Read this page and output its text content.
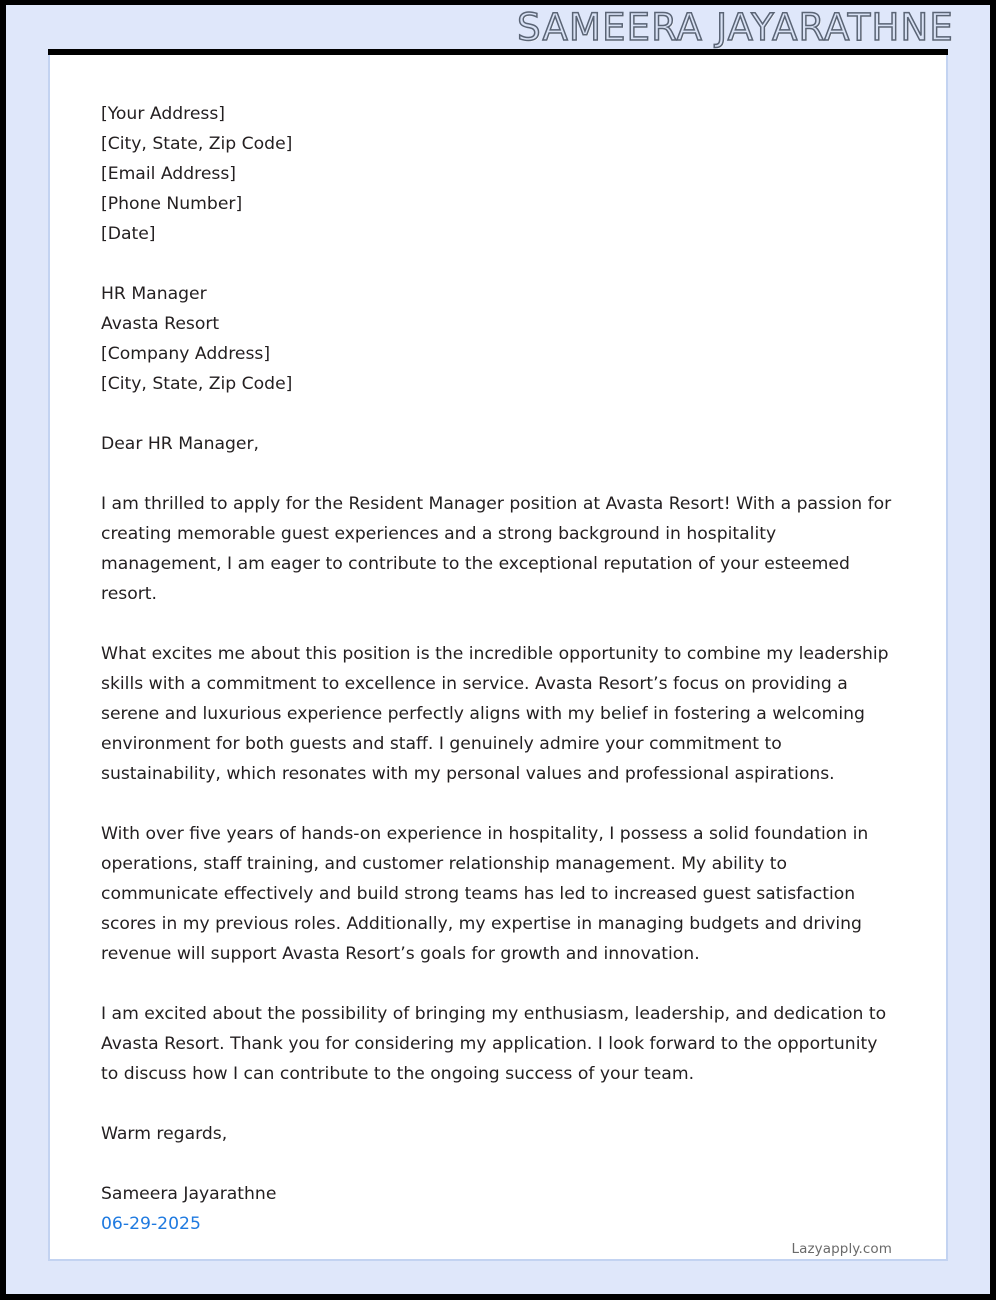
SAMEERA JAYARATHNE
[Your Address]
[City, State, Zip Code]
[Email Address]
[Phone Number]
[Date]
HR Manager
Avasta Resort
[Company Address]
[City, State, Zip Code]
Dear HR Manager,
I am thrilled to apply for the Resident Manager position at Avasta Resort! With a passion for creating memorable guest experiences and a strong background in hospitality management, I am eager to contribute to the exceptional reputation of your esteemed resort.
What excites me about this position is the incredible opportunity to combine my leadership skills with a commitment to excellence in service. Avasta Resort’s focus on providing a serene and luxurious experience perfectly aligns with my belief in fostering a welcoming environment for both guests and staff. I genuinely admire your commitment to sustainability, which resonates with my personal values and professional aspirations.
With over five years of hands-on experience in hospitality, I possess a solid foundation in operations, staff training, and customer relationship management. My ability to communicate effectively and build strong teams has led to increased guest satisfaction scores in my previous roles. Additionally, my expertise in managing budgets and driving revenue will support Avasta Resort’s goals for growth and innovation.
I am excited about the possibility of bringing my enthusiasm, leadership, and dedication to Avasta Resort. Thank you for considering my application. I look forward to the opportunity to discuss how I can contribute to the ongoing success of your team.
Warm regards,
Sameera Jayarathne
06-29-2025
Lazyapply.com
